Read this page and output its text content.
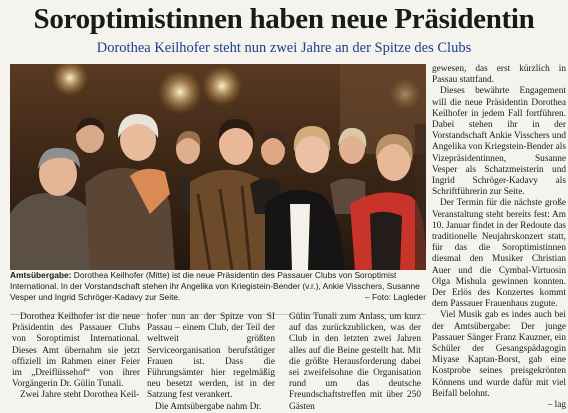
Soroptimistinnen haben neue Präsidentin
Dorothea Keilhofer steht nun zwei Jahre an der Spitze des Clubs
Amtsübergabe: Dorothea Keilhofer (Mitte) ist die neue Präsidentin des Passauer Clubs von Soroptimist International. In der Vorstandschaft stehen ihr Angelika von Kriegistein-Bender (v.r.), Ankie Visschers, Susanne Vesper und Ingrid Schröger-Kadavy zur Seite.	– Foto: Lagleder

Dorothea Keilhofer ist die neue Präsidentin des Passauer Clubs von Soroptimist International. Dieses Amt übernahm sie jetzt offiziell im Rahmen einer Feier im „Dreiflüssehof“ von ihrer Vorgängerin Dr. Gülin Tunali.

Zwei Jahre steht Dorothea Keil-

hofer nun an der Spitze von SI Passau – einem Club, der Teil der weltweit größten Serviceorganisation berufstätiger Frauen ist. Dass die Führungsämter hier regelmäßig neu besetzt werden, ist in der Satzung fest verankert.

Die Amtsübergabe nahm Dr.

Gülin Tunali zum Anlass, um kurz auf das zurückzublicken, was der Club in den letzten zwei Jahren alles auf die Beine gestellt hat. Mit die größte Herausforderung dabei sei zweifelsohne die Organisation rund um das deutsche Freundschaftstreffen mit über 250 Gästen

gewesen, das erst kürzlich in Passau stattfand.

Dieses bewährte Engagement will die neue Präsidentin Dorothea Keilhofer in jedem Fall fortführen. Dabei stehen ihr in der Vorstandschaft Ankie Visschers und Angelika von Kriegstein-Bender als Vizepräsidentinnen, Susanne Vesper als Schatzmeisterin und Ingrid Schröger-Kadavy als Schriftführerin zur Seite.

Der Termin für die nächste große Veranstaltung steht bereits fest: Am 10. Januar findet in der Redoute das traditionelle Neujahrskonzert statt, für das die Soroptimistinnen diesmal den Musiker Christian Auer und die Cymbal-Virtuosin Olga Mishula gewinnen konnten. Der Erlös des Konzertes kommt dem Passauer Frauenhaus zugute.

Viel Musik gab es indes auch bei der Amtsübergabe: Der junge Passauer Sänger Franz Kauzner, ein Schüler der Gesangspädagogin Miyase Kaptan-Borst, gab eine Kostprobe seines preisgekrönten Könnens und wurde dafür mit viel Beifall belohnt.

– lag
